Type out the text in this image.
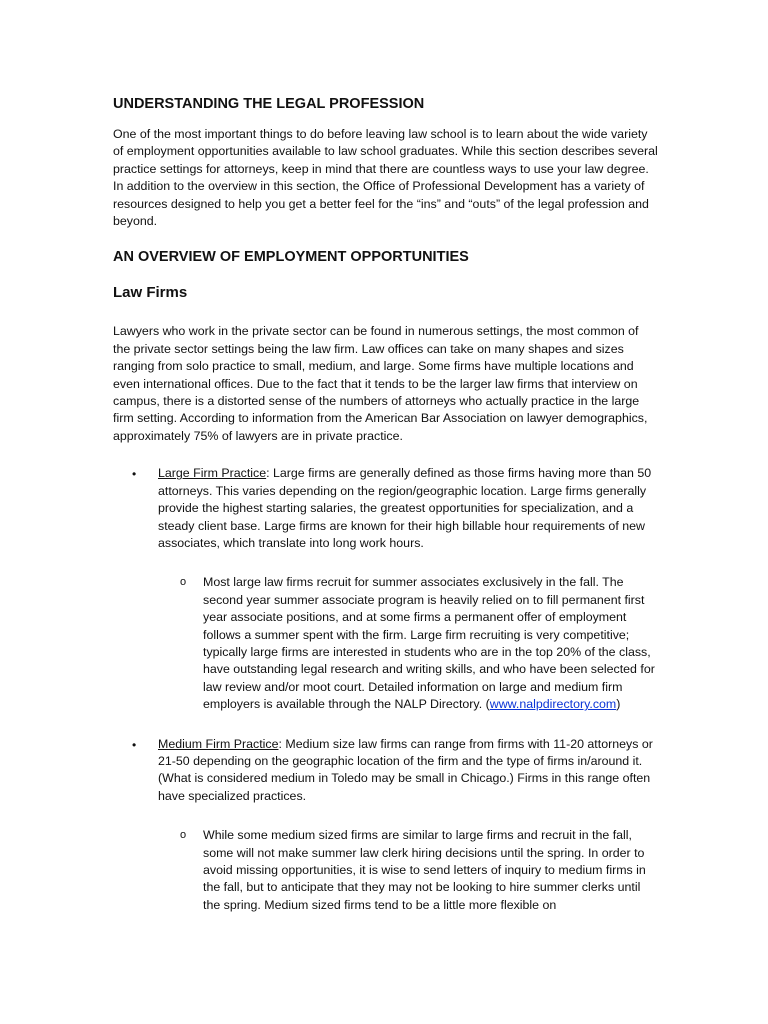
UNDERSTANDING THE LEGAL PROFESSION

One of the most important things to do before leaving law school is to learn about the wide variety of employment opportunities available to law school graduates. While this section describes several practice settings for attorneys, keep in mind that there are countless ways to use your law degree. In addition to the overview in this section, the Office of Professional Development has a variety of resources designed to help you get a better feel for the “ins” and “outs” of the legal profession and beyond.

AN OVERVIEW OF EMPLOYMENT OPPORTUNITIES
Law Firms

Lawyers who work in the private sector can be found in numerous settings, the most common of the private sector settings being the law firm. Law offices can take on many shapes and sizes ranging from solo practice to small, medium, and large. Some firms have multiple locations and even international offices. Due to the fact that it tends to be the larger law firms that interview on campus, there is a distorted sense of the numbers of attorneys who actually practice in the large firm setting. According to information from the American Bar Association on lawyer demographics, approximately 75% of lawyers are in private practice.

• Large Firm Practice: Large firms are generally defined as those firms having more than 50 attorneys. This varies depending on the region/geographic location. Large firms generally provide the highest starting salaries, the greatest opportunities for specialization, and a steady client base. Large firms are known for their high billable hour requirements of new associates, which translate into long work hours.

o Most large law firms recruit for summer associates exclusively in the fall. The second year summer associate program is heavily relied on to fill permanent first year associate positions, and at some firms a permanent offer of employment follows a summer spent with the firm. Large firm recruiting is very competitive; typically large firms are interested in students who are in the top 20% of the class, have outstanding legal research and writing skills, and who have been selected for law review and/or moot court. Detailed information on large and medium firm employers is available through the NALP Directory. (www.nalpdirectory.com)

• Medium Firm Practice: Medium size law firms can range from firms with 11-20 attorneys or 21-50 depending on the geographic location of the firm and the type of firms in/around it. (What is considered medium in Toledo may be small in Chicago.) Firms in this range often have specialized practices.

o While some medium sized firms are similar to large firms and recruit in the fall, some will not make summer law clerk hiring decisions until the spring. In order to avoid missing opportunities, it is wise to send letters of inquiry to medium firms in the fall, but to anticipate that they may not be looking to hire summer clerks until the spring. Medium sized firms tend to be a little more flexible on
